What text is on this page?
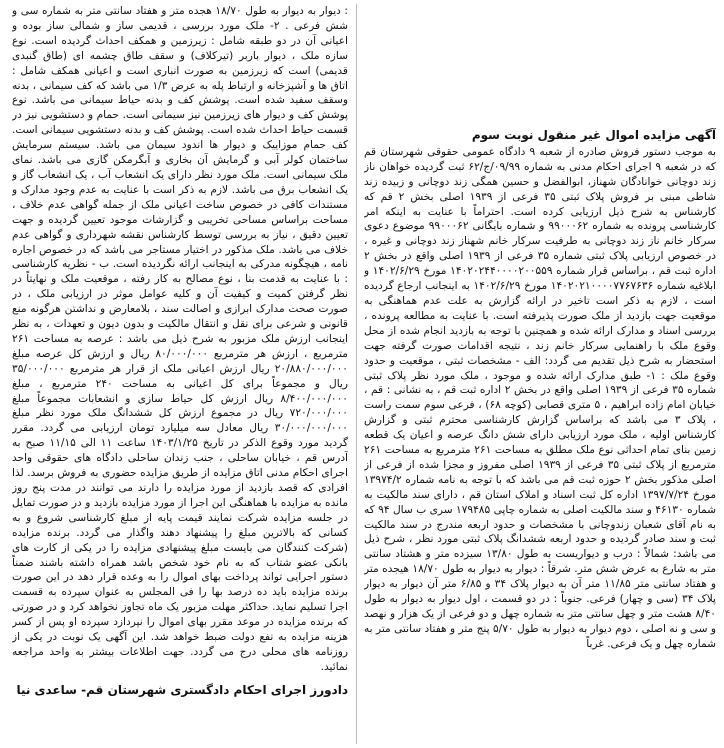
آگهی مزایده اموال غیر منقول نوبت سوم

به موجب دستور فروش صادره از شعبه ۹ دادگاه عمومی حقوقی شهرستان قم که در شعبه ۹ اجرای احکام مدنی به شماره ۰۹/۹۹/ج/۶۲ ثبت گردیده خواهان ناز زند دوچانی خوانادگان شهناز، ابوالفضل و حسین همگی زند دوچانی و زبیده زند شاطی مبنی بر فروش پلاک ثبتی ۳۵ فرعی از ۱۹۳۹ اصلی بخش ۲ قم که کارشناس به شرح ذیل ارزیابی کرده است. احتراماً با عنایت به اینکه امر کارشناسی پرونده به شماره ۹۹۰۰۰۶۲ و شماره بایگانی ۹۹۰۰۰۶۲ موضوع دعوی سرکار خانم ناز زند دوچانی به طرفیت سرکار خانم شهناز زند دوچانی و غیره ، در خصوص ارزیابی پلاک ثبتی شماره ۳۵ فرعی از ۱۹۳۹ اصلی واقع در بخش ۲ اداره ثبت قم ، براساس قرار شماره ۱۴۰۲۰۲۴۴۰۰۰۰۲۰۰۵۵۹ مورخ ۱۴۰۲/۶/۲۹ و ابلاغیه شماره ۱۴۰۲۰۲۱۰۰۰۰۷۷۶۷۶۳۶ مورخ ۱۴۰۲/۶/۲۹ به اینجانب ارجاع گردیده است ، لازم به ذکر است تاخیر در ارائه گزارش به علت عدم هماهنگی به موقعیت جهت بازدید از ملک صورت پذیرفته است. با عنایت به مطالعه پرونده ، بررسی اسناد و مدارک ارائه شده و همچنین با توجه به بازدید انجام شده از محل وقوع ملک با راهنمایی سرکار خانم زند ، نتیجه اقدامات صورت گرفته جهت استحضار به شرح ذیل تقدیم می گردد: الف - مشخصات ثبتی ، موقعیت و حدود وقوع ملک : ۱- طبق مدارک ارائه شده و موجود ، ملک مورد نظر پلاک ثبتی شماره ۳۵ فرعی از ۱۹۳۹ اصلی واقع در بخش ۲ اداره ثبت قم ، به نشانی : قم ، خیابان امام زاده ابراهیم ، ۵ متری قصابی (کوچه ۶۸) ، فرعی سوم سمت راست ، پلاک ۳ می باشد که براساس گزارش کارشناسی محترم ثبتی و گزارش کارشناس اولیه ، ملک مورد ارزیابی دارای شش دانگ عرصه و اعیان یک قطعه زمین بنای تمام احداثی نوع ملک مطلق به مساحت ۲۶۱ مترمربع به مساحت ۲۶۱ مترمربع از پلاک ثبتی ۳۵ فرعی از ۱۹۳۹ اصلی مفروز و مجزا شده از فرعی از اصلی مذکور بخش ۲ حوزه ثبت قم می باشد که با توجه به نامه شماره ۱۳۹۷۴/۲ مورخ ۱۳۹۷/۷/۲۴ اداره کل ثبت اسناد و املاک استان قم ، دارای سند مالکیت به شماره ۴۶۱۳۰ و سند مالکیت اصلی به شماره چاپی ۱۷۹۴۸۵ سری ب سال ۹۴ که به نام آقای شعبان زندوچانی با مشخصات و حدود اربعه مندرج در سند مالکیت ثبت و سند صادر گردیده و حدود اربعه ششدانگ پلاک ثبتی مورد نظر ، شرح ذیل می باشد: شمالاً : درب و دیواریست به طول ۱۳/۸۰ سیزده متر و هشتاد سانتی متر به شارع به عرض شش متر. شرقاً : دیوار به دیوار به طول ۱۸/۷۰ هیجده متر و هفتاد سانتی متر ۱۱/۸۵ متر آن به دیوار پلاک ۳۴ و ۶/۸۵ متر آن دیوار به دیوار پلاک ۳۴ (سی و چهار) فرعی. جنوباً : در دو قسمت ، اول دیوار به دیوار به طول ۸/۴۰ هشت متر و چهل سانتی متر به شماره چهل و دو فرعی از یک هزار و نهصد و سی و نه اصلی ، دوم دیوار به دیوار به طول ۵/۷۰ پنج متر و هفتاد سانتی متر به شماره چهل و یک فرعی. غرباً

: دیوار به دیوار به طول ۱۸/۷۰ هجده متر و هفتاد سانتی متر به شماره سی و شش فرعی . ۲- ملک مورد بررسی ، قدیمی ساز و شمالی ساز بوده و اعیانی آن در دو طبقه شامل : زیرزمین و همکف احداث گردیده است. نوع سازه ملک ، دیوار باربر (تیرکلاف) و سقف طاق چشمه ای (طاق گنبدی قدیمی) است که زیرزمین به صورت انباری است و اعیانی همکف شامل : اتاق ها و آشپزخانه و ارتباط پله به عرض ۱/۳ می باشد که کف سیمانی ، بدنه وسقف سفید شده است. پوشش کف و بدنه حیاط سیمانی می باشد. نوع پوشش کف و دیوار های زیرزمین نیز سیمانی است. حمام و دستشویی نیز در قسمت حیاط احداث شده است. پوشش کف و بدنه دستشویی سیمانی است. کف حمام موزاییک و دیوار ها اندود سیمان می باشد. سیستم سرمایش ساختمان کولر آبی و گرمایش آن بخاری و آبگرمکن گازی می باشد. نمای ملک سیمانی است. ملک مورد نظر دارای یک انشعاب آب ، یک انشعاب گاز و یک انشعاب برق می باشد. لازم به ذکر است با عنایت به عدم وجود مدارک و مستندات کافی در خصوص ساخت اعیانی ملک از جمله گواهی عدم خلاف ، مساحت براساس مساحی تخریبی و گزارشات موجود تعیین گردیده و جهت تعیین دقیق ، نیاز به بررسی توسط کارشناس نقشه شهرداری و گواهی عدم خلاف می باشد. ملک مذکور در اختیار مستاجر می باشد که در خصوص اجاره نامه ، هیچگونه مدرکی به اینجانب ارائه نگردیده است. ب - نظریه کارشناسی : با عنایت به قدمت بنا ، نوع مصالح به کار رفته ، موقعیت ملک و نهایتاً در نظر گرفتن کمیت و کیفیت آن و کلیه عوامل موثر در ارزیابی ملک ، در صورت صحت مدارک ابرازی و اصالت سند ، بلامعارض و نداشتن هرگونه منع قانونی و شرعی برای نقل و انتقال مالکیت و بدون دیون و تعهدات ، به نظر اینجانب ارزش ملک مزبور به شرح ذیل می باشد : عرصه به مساحت ۲۶۱ مترمربع ، ارزش هر مترمربع ۸۰/۰۰۰/۰۰۰ ریال و ارزش کل عرصه مبلغ ۲۰/۸۸۰/۰۰۰/۰۰۰ ریال ارزش اعیانی ملک از قرار هر مترمربع ۳۵/۰۰۰/۰۰۰ ریال و مجموعاً برای کل اعیانی به مساحت ۲۴۰ مترمربع ، مبلغ ۸/۴۰۰/۰۰۰/۰۰۰ ریال ارزش کل حیاط سازی و انشعابات مجموعاً مبلغ ۷۲۰/۰۰۰/۰۰۰ ریال در مجموع ارزش کل ششدانگ ملک مورد نظر مبلغ ۳۰/۰۰۰/۰۰۰/۰۰۰ ریال معادل سه میلیارد تومان ارزیابی می گردد. مقرر گردید مورد وقوع الذکر در تاریخ ۱۴۰۳/۱/۲۵ ساعت ۱۱ الی ۱۱/۱۵ صبح به آدرس قم ، خیابان ساحلی ، جنب زندان ساحلی دادگاه های حقوقی واحد اجرای احکام مدنی اتاق مزایده از طریق مزایده حضوری به فروش برسد. لذا افرادی که قصد بازدید از مورد مزایده را دارند می توانند در مدت پنج روز مانده به مزایده با هماهنگی این اجرا از مورد مزایده بازدید و در صورت تمایل در جلسه مزایده شرکت نمایند قیمت پایه از مبلغ کارشناسی شروع و به کسانی که بالاترین مبلغ را پیشنهاد دهند واگذار می گردد. برنده مزایده (شرکت کنندگان می بایست مبلغ پیشنهادی مزایده را در یکی از کارت های بانکی عضو شتاب که به نام خود شخص باشد همراه داشته باشند ضمناً دستور اجرایی تواند پرداخت بهای اموال را به وعده قرار دهد در این صورت برنده مزایده باید ده درصد بها را فی المجلس به عنوان سپرده به قسمت اجرا تسلیم نماید. حداکثر مهلت مزبور یک ماه تجاوز نخواهد کرد و در صورتی که برنده مزایده در موعد مقرر بهای اموال را نپردازد سپرده او پس از کسر هزینه مزایده به نفع دولت ضبط خواهد شد. این آگهی یک نوبت در یکی از روزنامه های محلی درج می گردد. جهت اطلاعات بیشتر به واحد مراجعه نمائید.

دادورز اجرای احکام دادگستری شهرستان قم- ساعدی نیا
